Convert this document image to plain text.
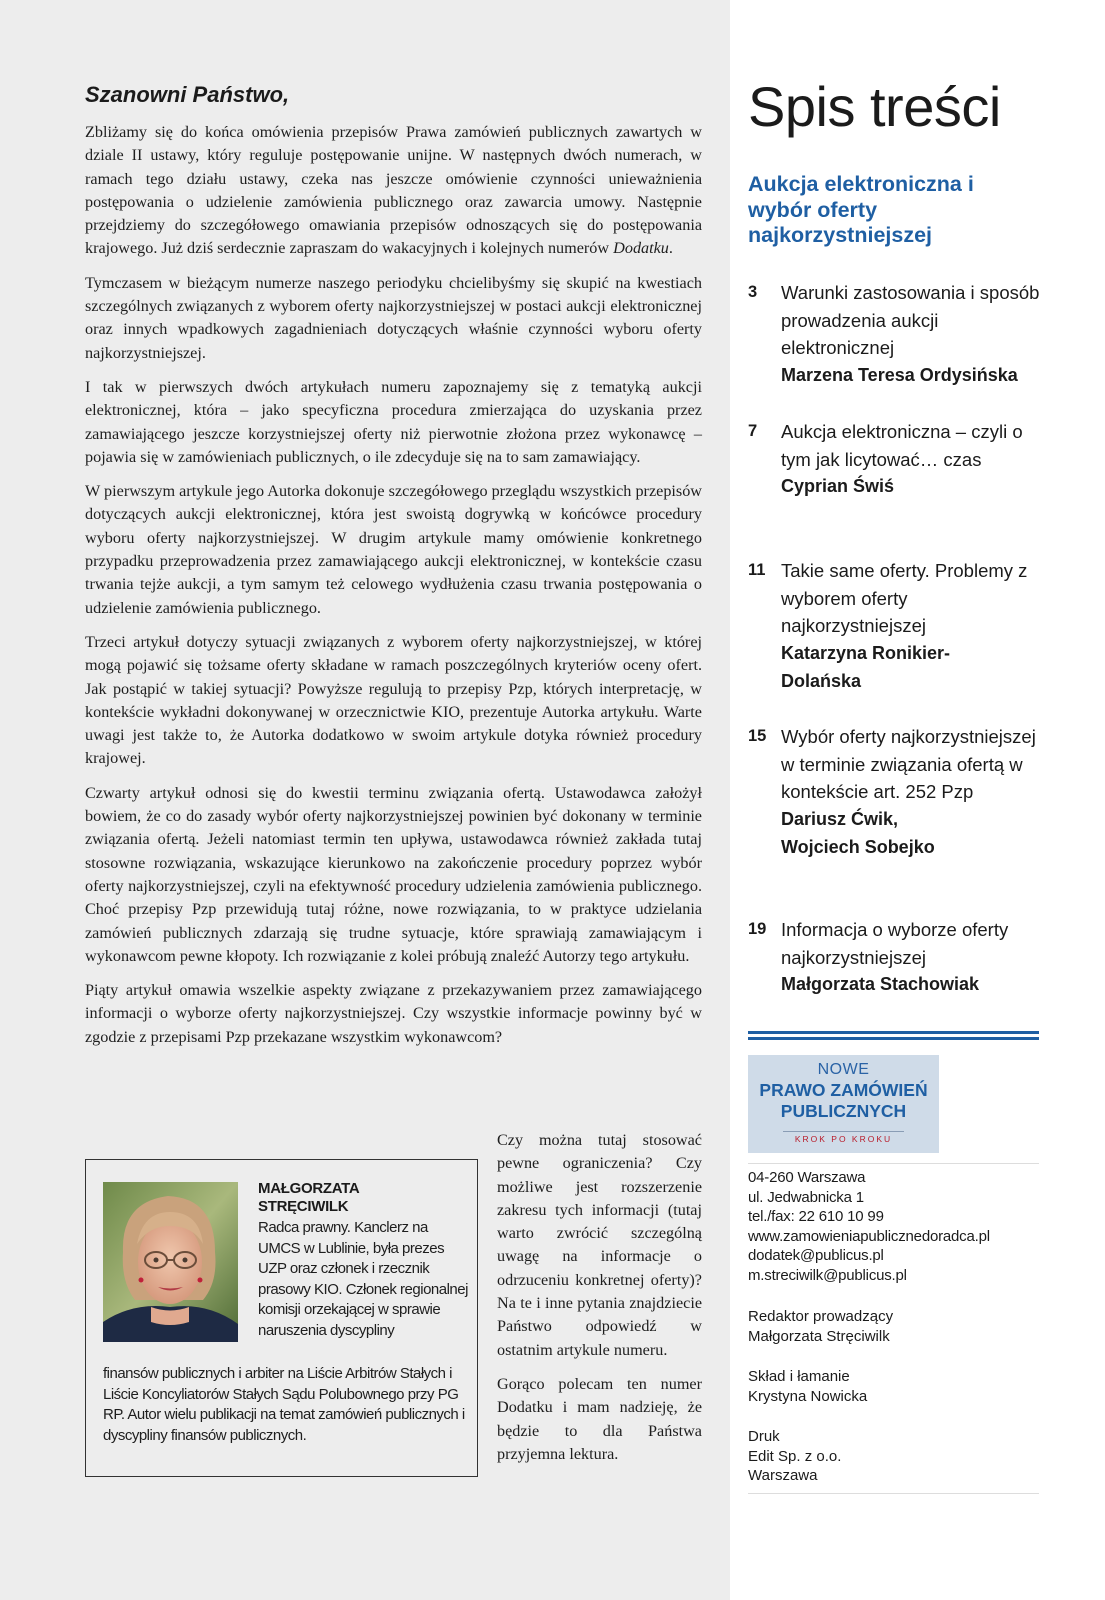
Szanowni Państwo,

Zbliżamy się do końca omówienia przepisów Prawa zamówień publicznych zawartych w dziale II ustawy, który reguluje postępowanie unijne. W następnych dwóch numerach, w ramach tego działu ustawy, czeka nas jeszcze omówienie czynności unieważnienia postępowania o udzielenie zamówienia publicznego oraz zawarcia umowy. Następnie przejdziemy do szczegółowego omawiania przepisów odnoszących się do postępowania krajowego. Już dziś serdecznie zapraszam do wakacyjnych i kolejnych numerów Dodatku.

Tymczasem w bieżącym numerze naszego periodyku chcielibyśmy się skupić na kwestiach szczególnych związanych z wyborem oferty najkorzystniejszej w postaci aukcji elektronicznej oraz innych wpadkowych zagadnieniach dotyczących właśnie czynności wyboru oferty najkorzystniejszej.

I tak w pierwszych dwóch artykułach numeru zapoznajemy się z tematyką aukcji elektronicznej, która – jako specyficzna procedura zmierzająca do uzyskania przez zamawiającego jeszcze korzystniejszej oferty niż pierwotnie złożona przez wykonawcę – pojawia się w zamówieniach publicznych, o ile zdecyduje się na to sam zamawiający.

W pierwszym artykule jego Autorka dokonuje szczegółowego przeglądu wszystkich przepisów dotyczących aukcji elektronicznej, która jest swoistą dogrywką w końcówce procedury wyboru oferty najkorzystniejszej. W drugim artykule mamy omówienie konkretnego przypadku przeprowadzenia przez zamawiającego aukcji elektronicznej, w kontekście czasu trwania tejże aukcji, a tym samym też celowego wydłużenia czasu trwania postępowania o udzielenie zamówienia publicznego.

Trzeci artykuł dotyczy sytuacji związanych z wyborem oferty najkorzystniejszej, w której mogą pojawić się tożsame oferty składane w ramach poszczególnych kryteriów oceny ofert. Jak postąpić w takiej sytuacji? Powyższe regulują to przepisy Pzp, których interpretację, w kontekście wykładni dokonywanej w orzecznictwie KIO, prezentuje Autorka artykułu. Warte uwagi jest także to, że Autorka dodatkowo w swoim artykule dotyka również procedury krajowej.

Czwarty artykuł odnosi się do kwestii terminu związania ofertą. Ustawodawca założył bowiem, że co do zasady wybór oferty najkorzystniejszej powinien być dokonany w terminie związania ofertą. Jeżeli natomiast termin ten upływa, ustawodawca również zakłada tutaj stosowne rozwiązania, wskazujące kierunkowo na zakończenie procedury poprzez wybór oferty najkorzystniejszej, czyli na efektywność procedury udzielenia zamówienia publicznego. Choć przepisy Pzp przewidują tutaj różne, nowe rozwiązania, to w praktyce udzielania zamówień publicznych zdarzają się trudne sytuacje, które sprawiają zamawiającym i wykonawcom pewne kłopoty. Ich rozwiązanie z kolei próbują znaleźć Autorzy tego artykułu.

Piąty artykuł omawia wszelkie aspekty związane z przekazywaniem przez zamawiającego informacji o wyborze oferty najkorzystniejszej. Czy wszystkie informacje powinny być w zgodzie z przepisami Pzp przekazane wszystkim wykonawcom?

Czy można tutaj stosować pewne ograniczenia? Czy możliwe jest rozszerzenie zakresu tych informacji (tutaj warto zwrócić szczególną uwagę na informacje o odrzuceniu konkretnej oferty)? Na te i inne pytania znajdziecie Państwo odpowiedź w ostatnim artykule numeru.

Gorąco polecam ten numer Dodatku i mam nadzieję, że będzie to dla Państwa przyjemna lektura.

MAŁGORZATA
STRĘCIWILK
Radca prawny. Kanclerz na UMCS w Lublinie, była prezes UZP oraz członek i rzecznik prasowy KIO. Członek regionalnej komisji orzekającej w sprawie naruszenia dyscypliny
finansów publicznych i arbiter na Liście Arbitrów Stałych i Liście Koncyliatorów Stałych Sądu Polubownego przy PG RP. Autor wielu publikacji na temat zamówień publicznych i dyscypliny finansów publicznych.
Spis treści
Aukcja elektroniczna i wybór oferty najkorzystniejszej
3	Warunki zastosowania i sposób prowadzenia aukcji elektronicznej
Marzena Teresa Ordysińska
7	Aukcja elektroniczna – czyli o tym jak licytować… czas
Cyprian Świś
11 Takie same oferty. Problemy z wyborem oferty najkorzystniejszej
Katarzyna Ronikier-Dolańska
15 Wybór oferty najkorzystniejszej w terminie związania ofertą w kontekście art. 252 Pzp
Dariusz Ćwik, Wojciech Sobejko
19 Informacja o wyborze oferty najkorzystniejszej
Małgorzata Stachowiak
NOWE
PRAWO ZAMÓWIEŃ
PUBLICZNYCH
KROK PO KROKU
04-260 Warszawa
ul. Jedwabnicka 1
tel./fax: 22 610 10 99
www.zamowieniapublicznedoradca.pl
dodatek@publicus.pl
m.streciwilk@publicus.pl
Redaktor prowadzący
Małgorzata Stręciwilk
Skład i łamanie
Krystyna Nowicka
Druk
Edit Sp. z o.o.
Warszawa
